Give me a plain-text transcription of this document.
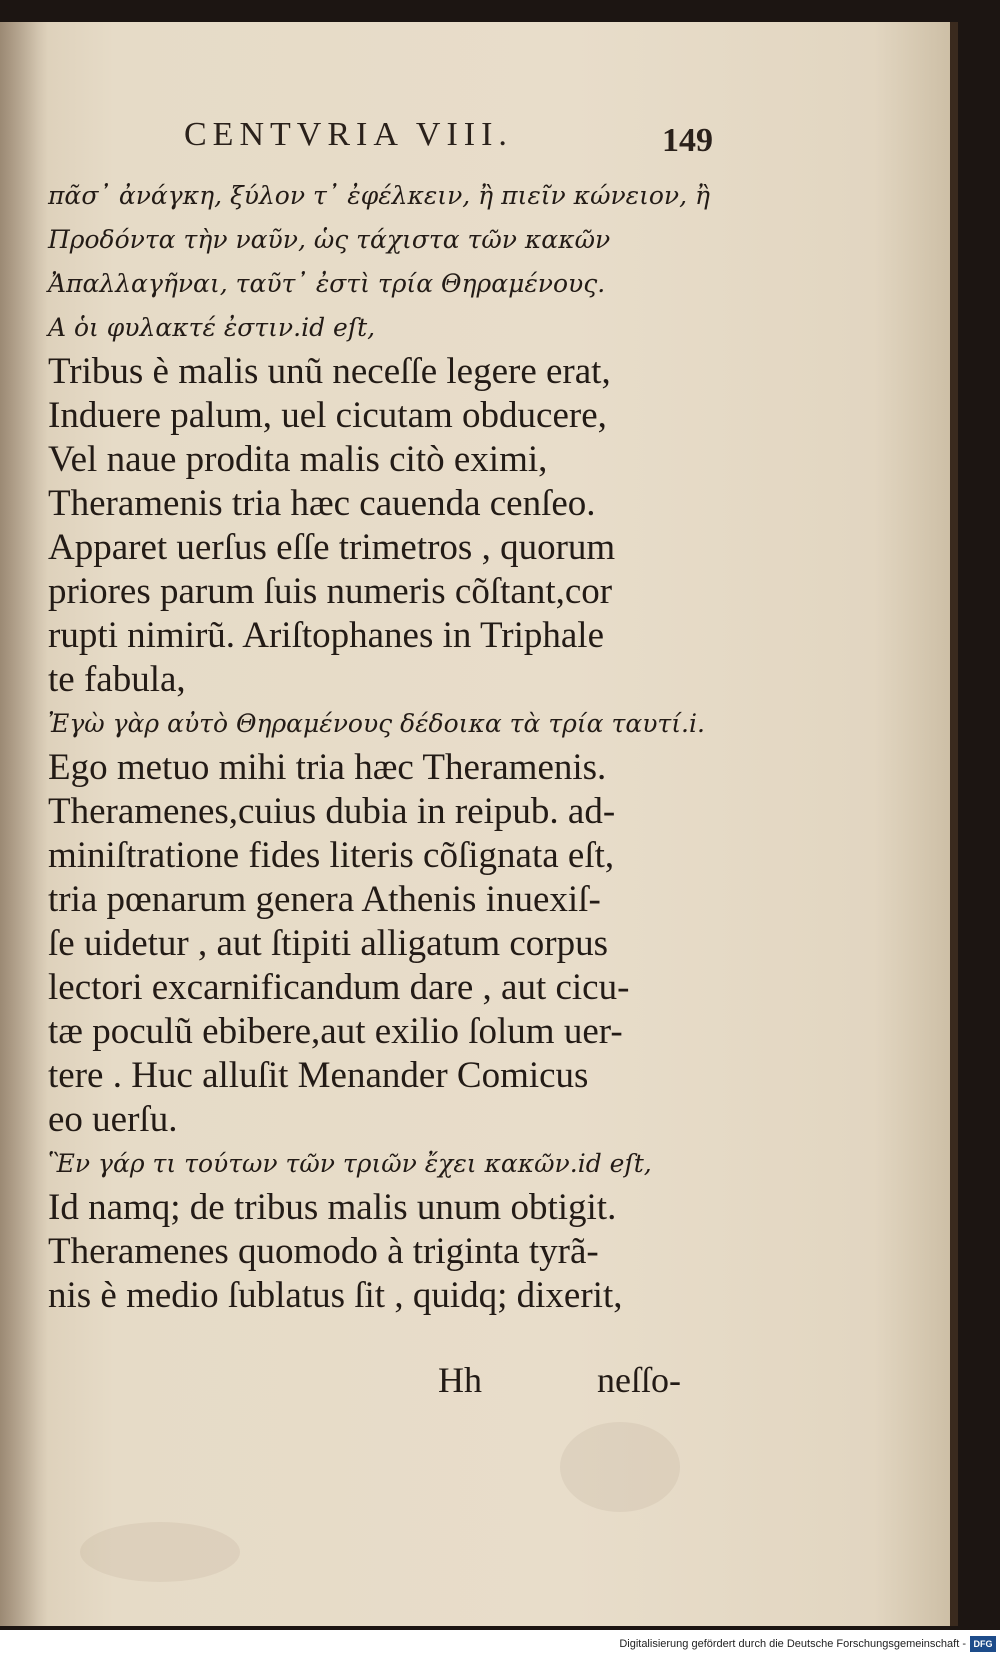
CENTVRIA VIII.	149
πᾶσ᾽ ἀνάγκη, ξύλον τ᾽ ἐφέλκειν, ἢ πιεῖν κώνειον, ἢ
Προδόντα τὴν ναῦν, ὡς τάχιστα τῶν κακῶν
Ἀπαλλαγῆναι, ταῦτ᾽ ἐστὶ τρία Θηραμένους.
Α ὁι φυλακτέ ἐστιν.id eſt,
Tribus è malis unũ neceſſe legere erat,
Induere palum, uel cicutam obducere,
Vel naue prodita malis citò eximi,
Theramenis tria hæc cauenda cenſeo.
Apparet uerſus eſſe trimetros , quorum
priores parum ſuis numeris cõſtant,cor
rupti nimirũ. Ariſtophanes in Triphale
te fabula,
Ἐγὼ γὰρ αὐτὸ Θηραμένους δέδοικα τὰ τρία ταυτί.i.
Ego metuo mihi tria hæc Theramenis.
Theramenes,cuius dubia in reipub. ad-
miniſtratione fides literis cõſignata eſt,
tria pœnarum genera Athenis inuexiſ-
ſe uidetur , aut ſtipiti alligatum corpus
lectori excarnificandum dare , aut cicu-
tæ poculũ ebibere,aut exilio ſolum uer-
tere . Huc alluſit Menander Comicus
eo uerſu.
Ἓν γάρ τι τούτων τῶν τριῶν ἔχει κακῶν.id eſt,
Id namq; de tribus malis unum obtigit.
Theramenes quomodo à triginta tyrã-
nis è medio ſublatus ſit , quidq; dixerit,
Hh	neſſo-
Digitalisierung gefördert durch die Deutsche Forschungsgemeinschaft - DFG
